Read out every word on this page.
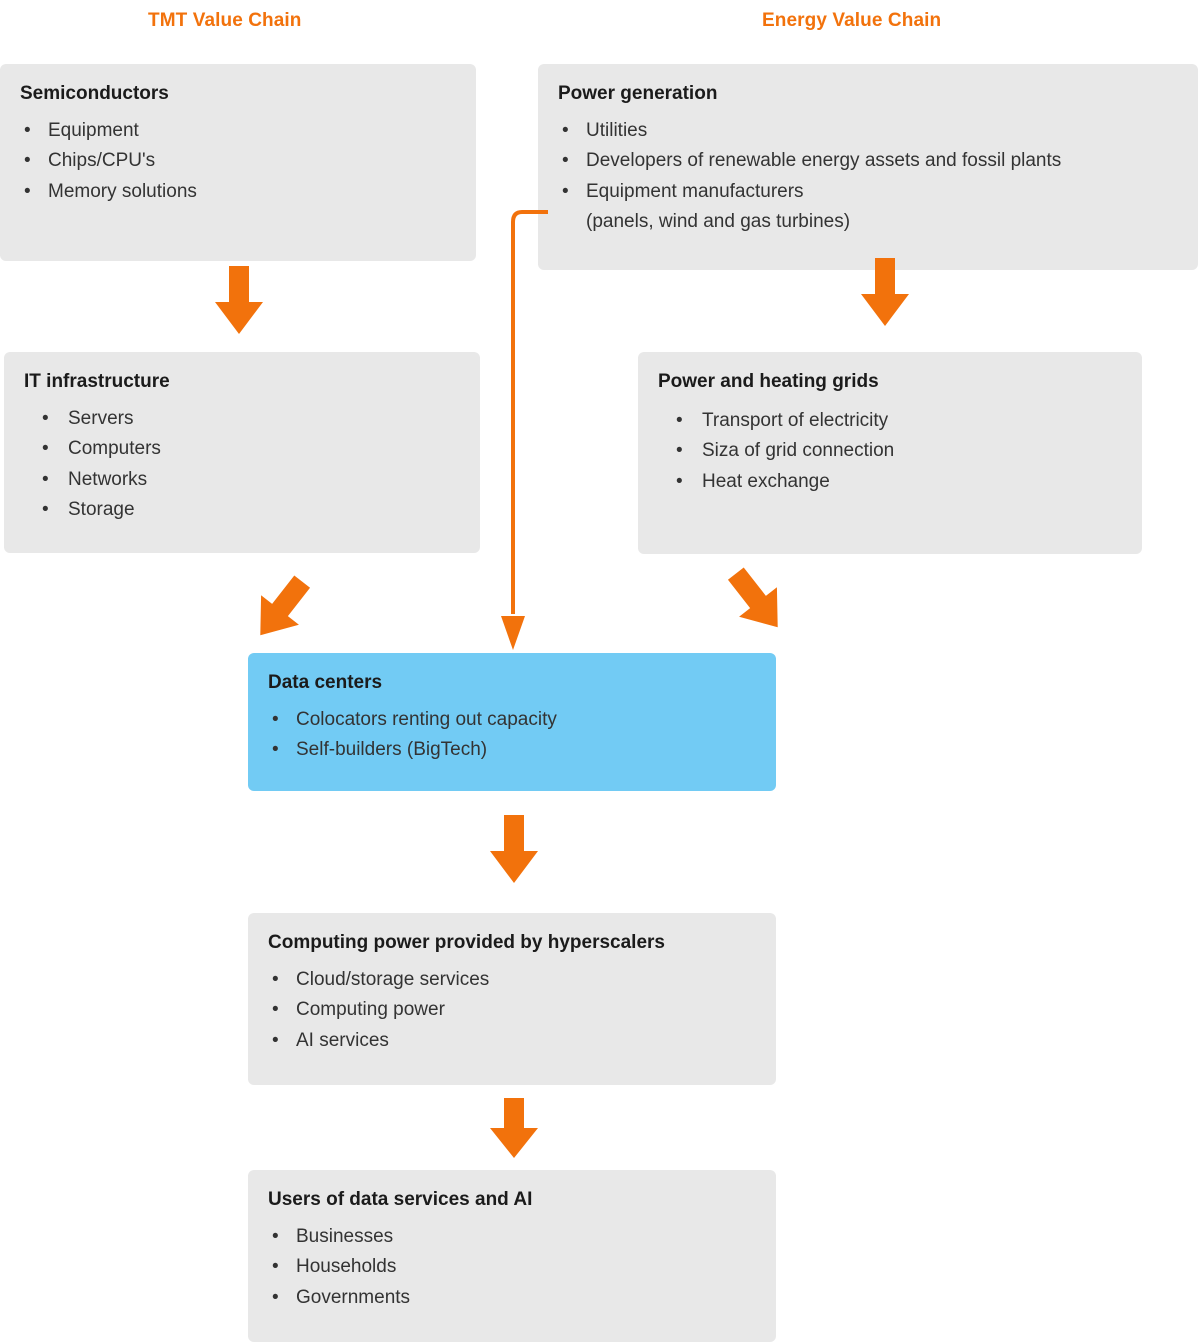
TMT Value Chain	Energy Value Chain
Semiconductors
• Equipment
• Chips/CPU's
• Memory solutions
Power generation
• Utilities
• Developers of renewable energy assets and fossil plants
• Equipment manufacturers
(panels, wind and gas turbines)
IT infrastructure
• Servers
• Computers
• Networks
• Storage
Power and heating grids
• Transport of electricity
• Siza of grid connection
• Heat exchange
Data centers
• Colocators renting out capacity
• Self-builders (BigTech)
Computing power provided by hyperscalers
• Cloud/storage services
• Computing power
• AI services
Users of data services and AI
• Businesses
• Households
• Governments
